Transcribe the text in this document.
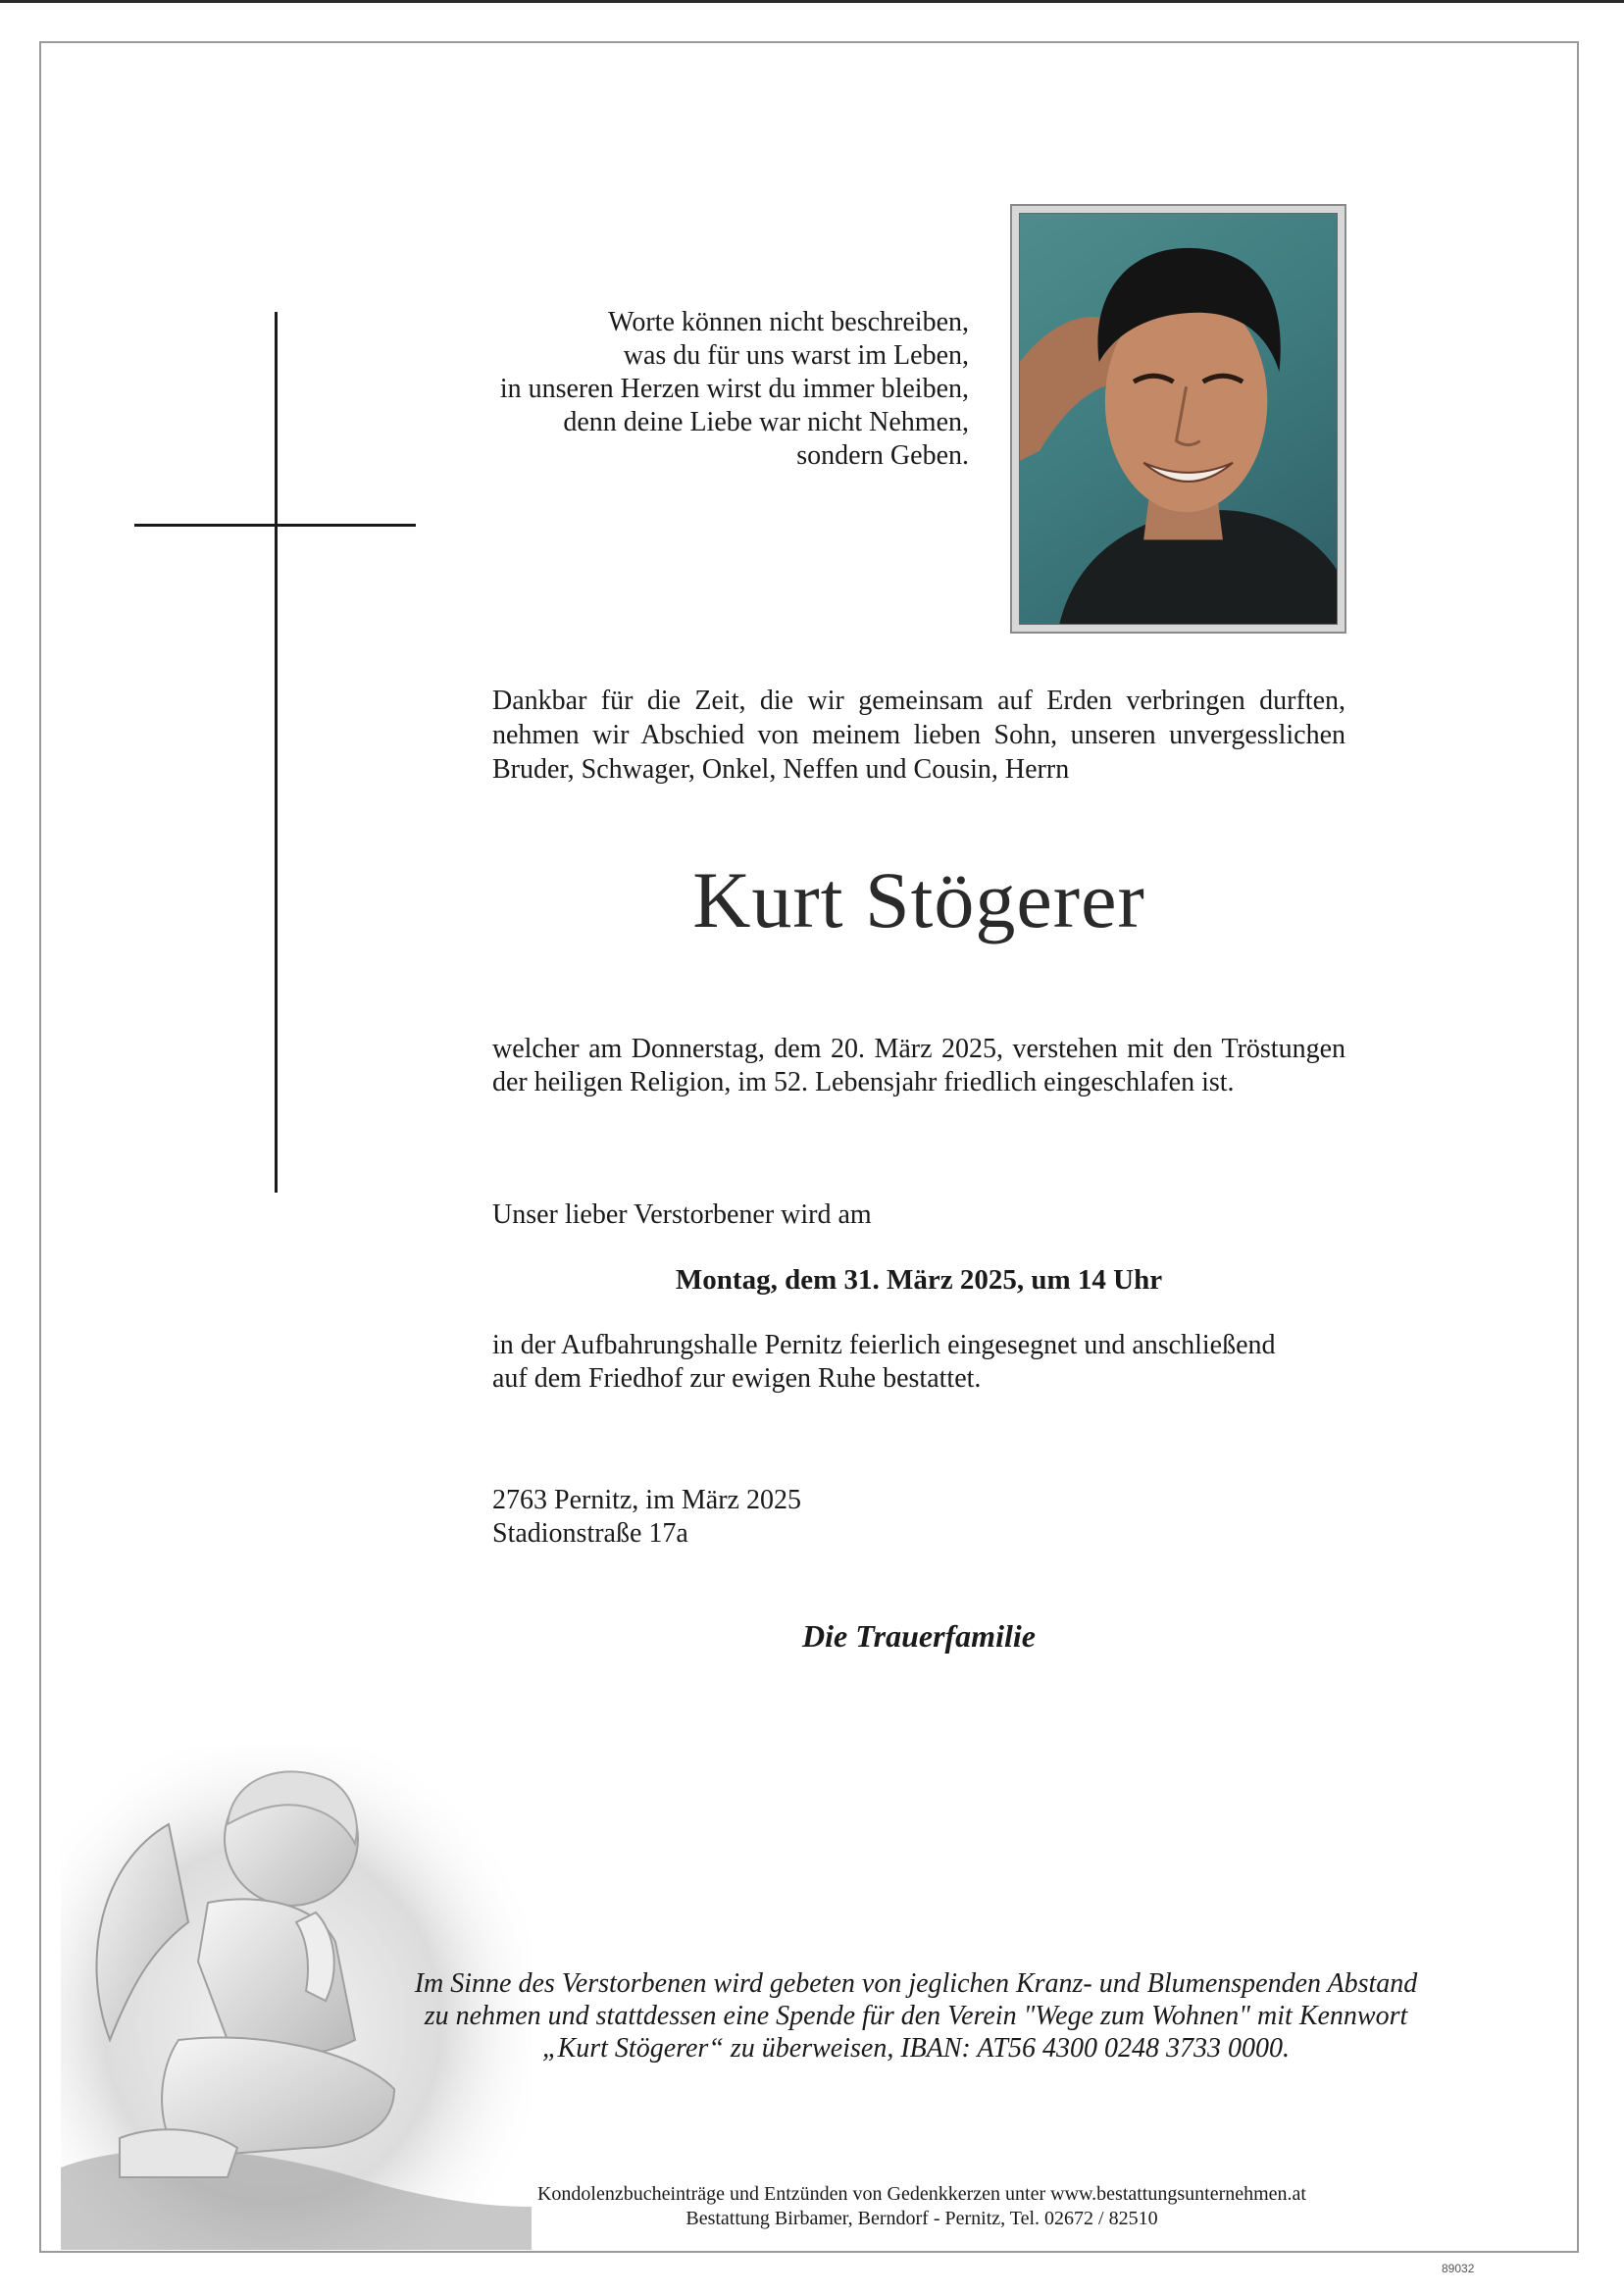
Worte können nicht beschreiben,
was du für uns warst im Leben,
in unseren Herzen wirst du immer bleiben,
denn deine Liebe war nicht Nehmen,
sondern Geben.
Dankbar für die Zeit, die wir gemeinsam auf Erden verbringen durften, nehmen wir Abschied von meinem lieben Sohn, unseren unvergesslichen Bruder, Schwager, Onkel, Neffen und Cousin, Herrn
Kurt Stögerer
welcher am Donnerstag, dem 20. März 2025, verstehen mit den Tröstungen der heiligen Religion, im 52. Lebensjahr friedlich eingeschlafen ist.
Unser lieber Verstorbener wird am
Montag, dem 31. März 2025, um 14 Uhr
in der Aufbahrungshalle Pernitz feierlich eingesegnet und anschließend
auf dem Friedhof zur ewigen Ruhe bestattet.
2763 Pernitz, im März 2025
Stadionstraße 17a
Die Trauerfamilie
Im Sinne des Verstorbenen wird gebeten von jeglichen Kranz- und Blumenspenden Abstand
zu nehmen und stattdessen eine Spende für den Verein "Wege zum Wohnen" mit Kennwort
„Kurt Stögerer“ zu überweisen, IBAN: AT56 4300 0248 3733 0000.
Kondolenzbucheinträge und Entzünden von Gedenkkerzen unter www.bestattungsunternehmen.at
Bestattung Birbamer, Berndorf - Pernitz, Tel. 02672 / 82510
89032
